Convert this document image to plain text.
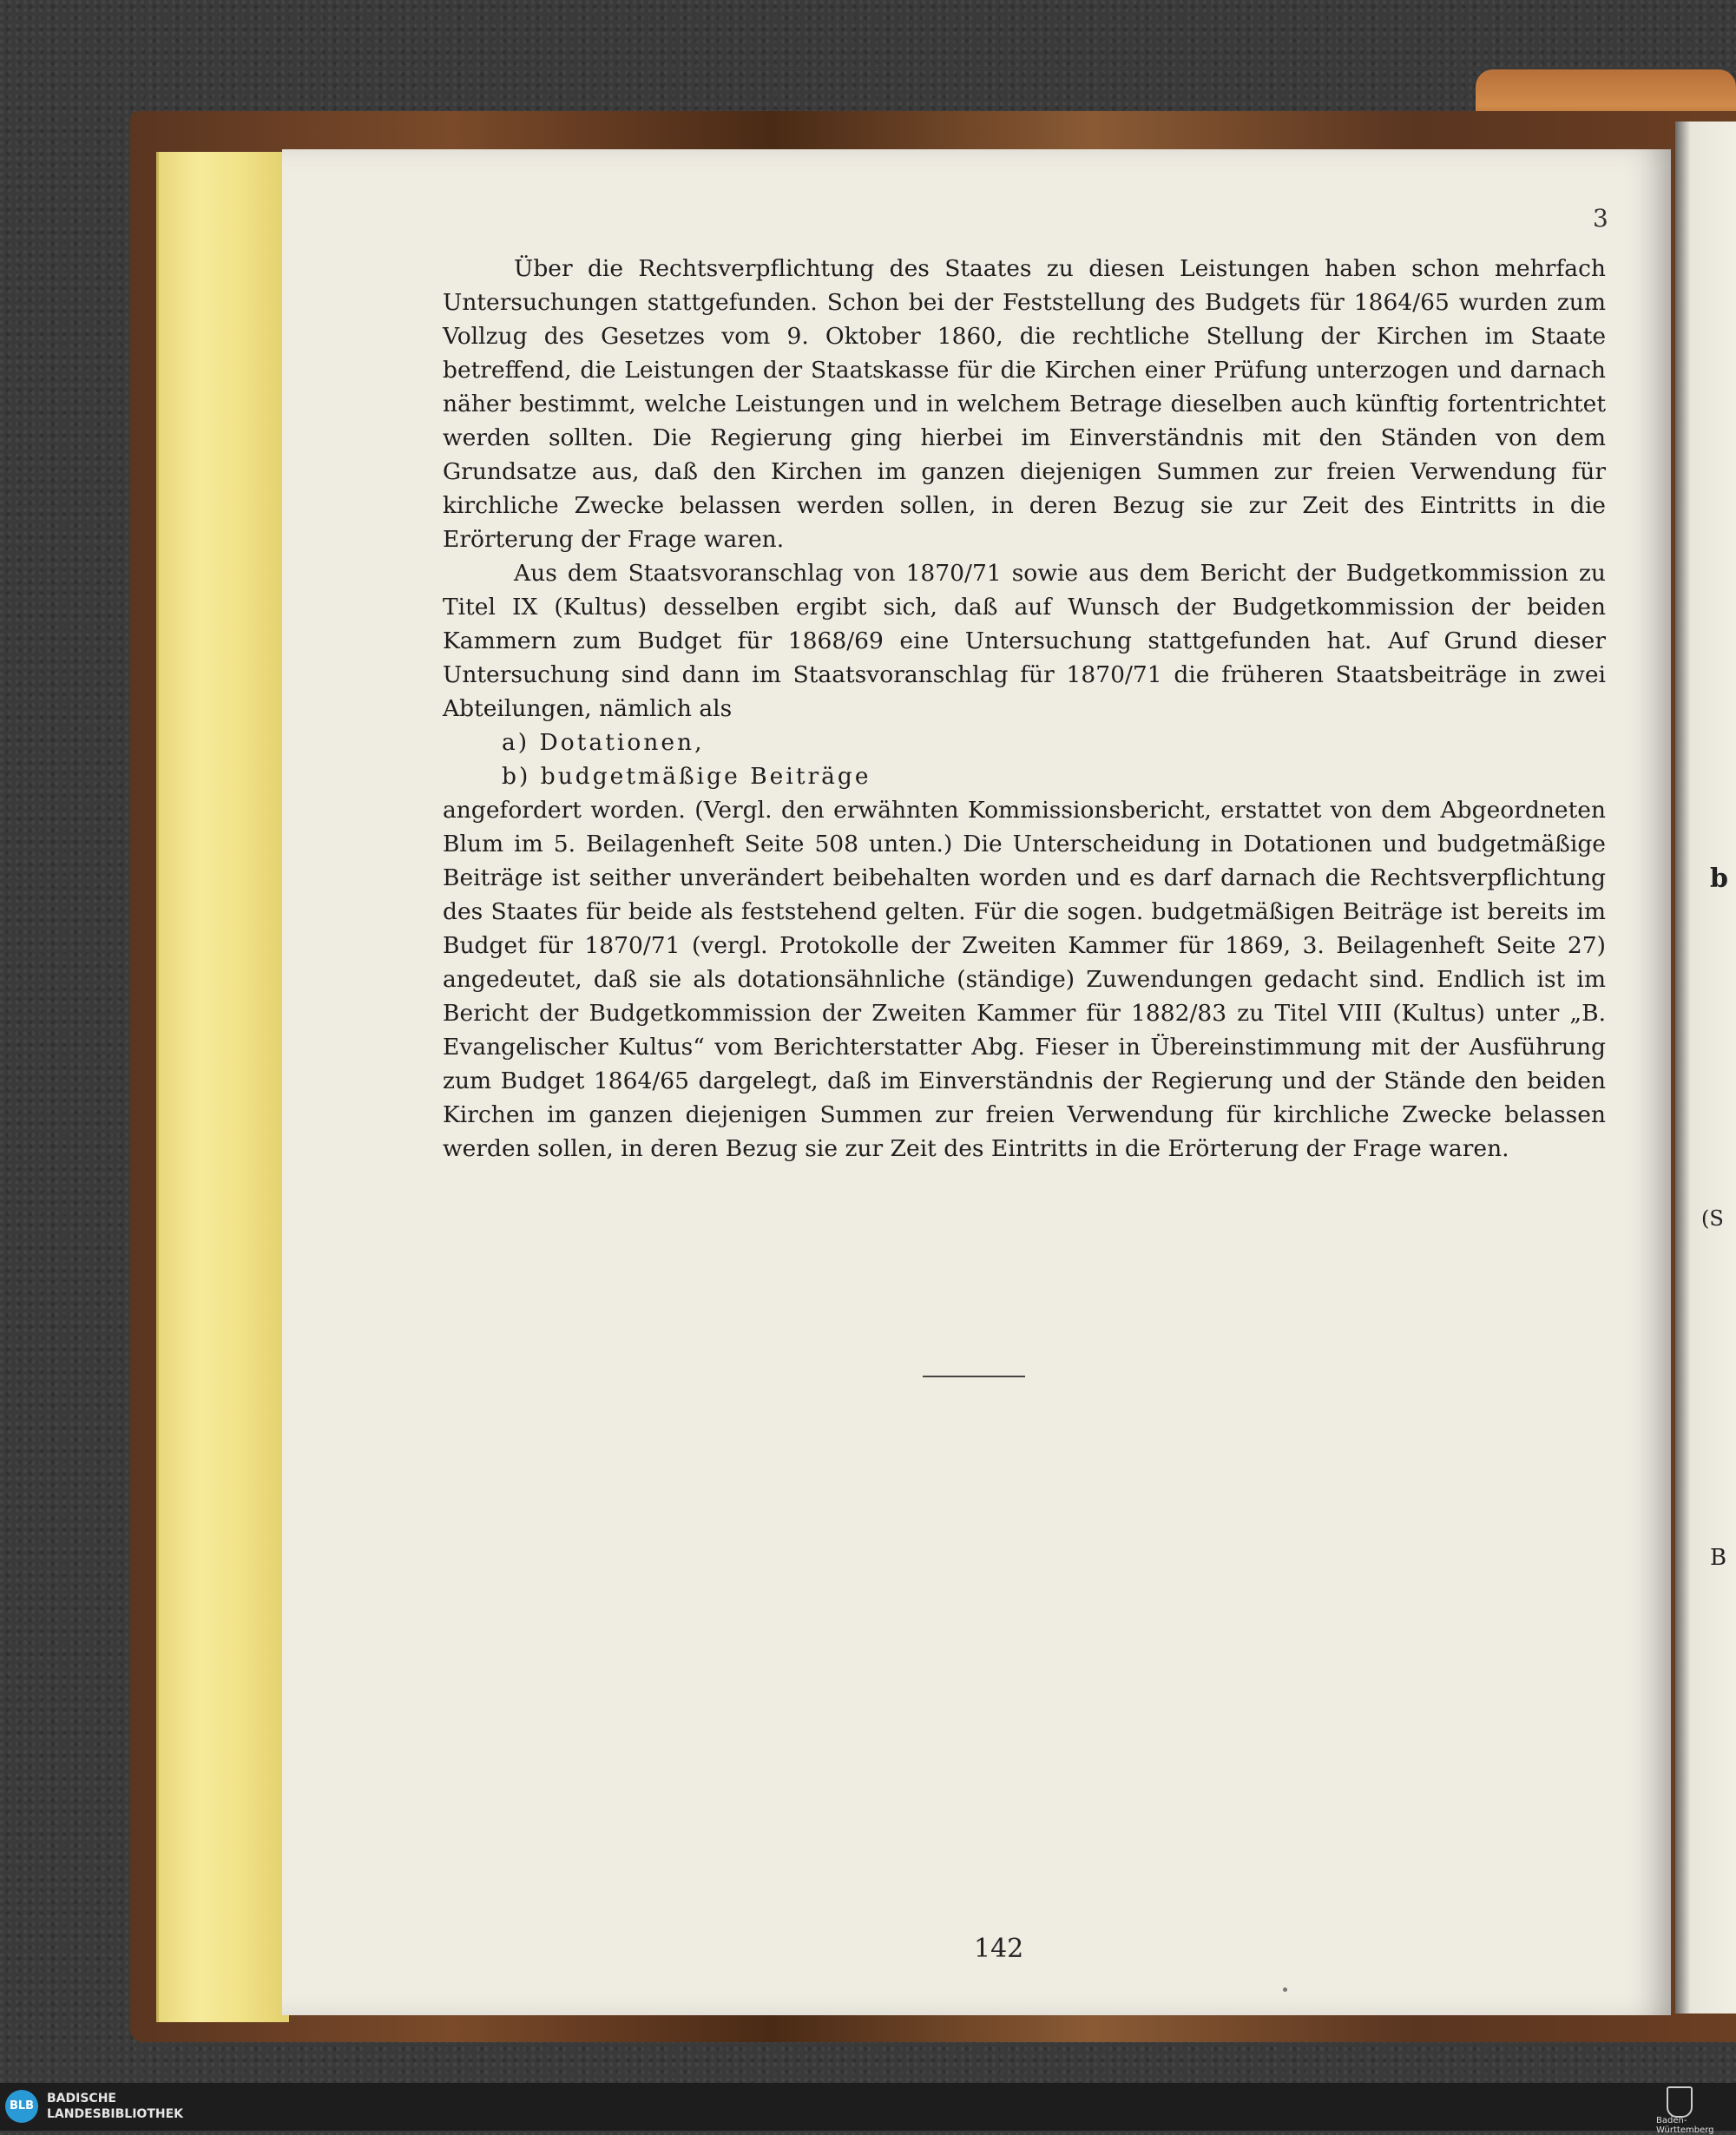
b
(S
B
3

Über die Rechtsverpflichtung des Staates zu diesen Leistungen haben schon mehrfach Untersuchungen stattgefunden. Schon bei der Feststellung des Budgets für 1864/65 wurden zum Vollzug des Gesetzes vom 9. Oktober 1860, die rechtliche Stellung der Kirchen im Staate betreffend, die Leistungen der Staatskasse für die Kirchen einer Prüfung unterzogen und darnach näher bestimmt, welche Leistungen und in welchem Betrage dieselben auch künftig fortentrichtet werden sollten. Die Regierung ging hierbei im Einverständnis mit den Ständen von dem Grundsatze aus, daß den Kirchen im ganzen diejenigen Summen zur freien Verwendung für kirchliche Zwecke belassen werden sollen, in deren Bezug sie zur Zeit des Eintritts in die Erörterung der Frage waren.

Aus dem Staatsvoranschlag von 1870/71 sowie aus dem Bericht der Budgetkommission zu Titel IX (Kultus) desselben ergibt sich, daß auf Wunsch der Budgetkommission der beiden Kammern zum Budget für 1868/69 eine Untersuchung stattgefunden hat. Auf Grund dieser Untersuchung sind dann im Staatsvoranschlag für 1870/71 die früheren Staatsbeiträge in zwei Abteilungen, nämlich als

a) Dotationen,
b) budgetmäßige Beiträge

angefordert worden. (Vergl. den erwähnten Kommissionsbericht, erstattet von dem Abgeordneten Blum im 5. Beilagenheft Seite 508 unten.) Die Unterscheidung in Dotationen und budgetmäßige Beiträge ist seither unverändert beibehalten worden und es darf darnach die Rechtsverpflichtung des Staates für beide als feststehend gelten. Für die sogen. budgetmäßigen Beiträge ist bereits im Budget für 1870/71 (vergl. Protokolle der Zweiten Kammer für 1869, 3. Beilagenheft Seite 27) angedeutet, daß sie als dotationsähnliche (ständige) Zuwendungen gedacht sind. Endlich ist im Bericht der Budgetkommission der Zweiten Kammer für 1882/83 zu Titel VIII (Kultus) unter „B. Evangelischer Kultus“ vom Berichterstatter Abg. Fieser in Übereinstimmung mit der Ausführung zum Budget 1864/65 dargelegt, daß im Einverständnis der Regierung und der Stände den beiden Kirchen im ganzen diejenigen Summen zur freien Verwendung für kirchliche Zwecke belassen werden sollen, in deren Bezug sie zur Zeit des Eintritts in die Erörterung der Frage waren.

142
BLB
BADISCHE
LANDESBIBLIOTHEK	Baden-Württemberg
